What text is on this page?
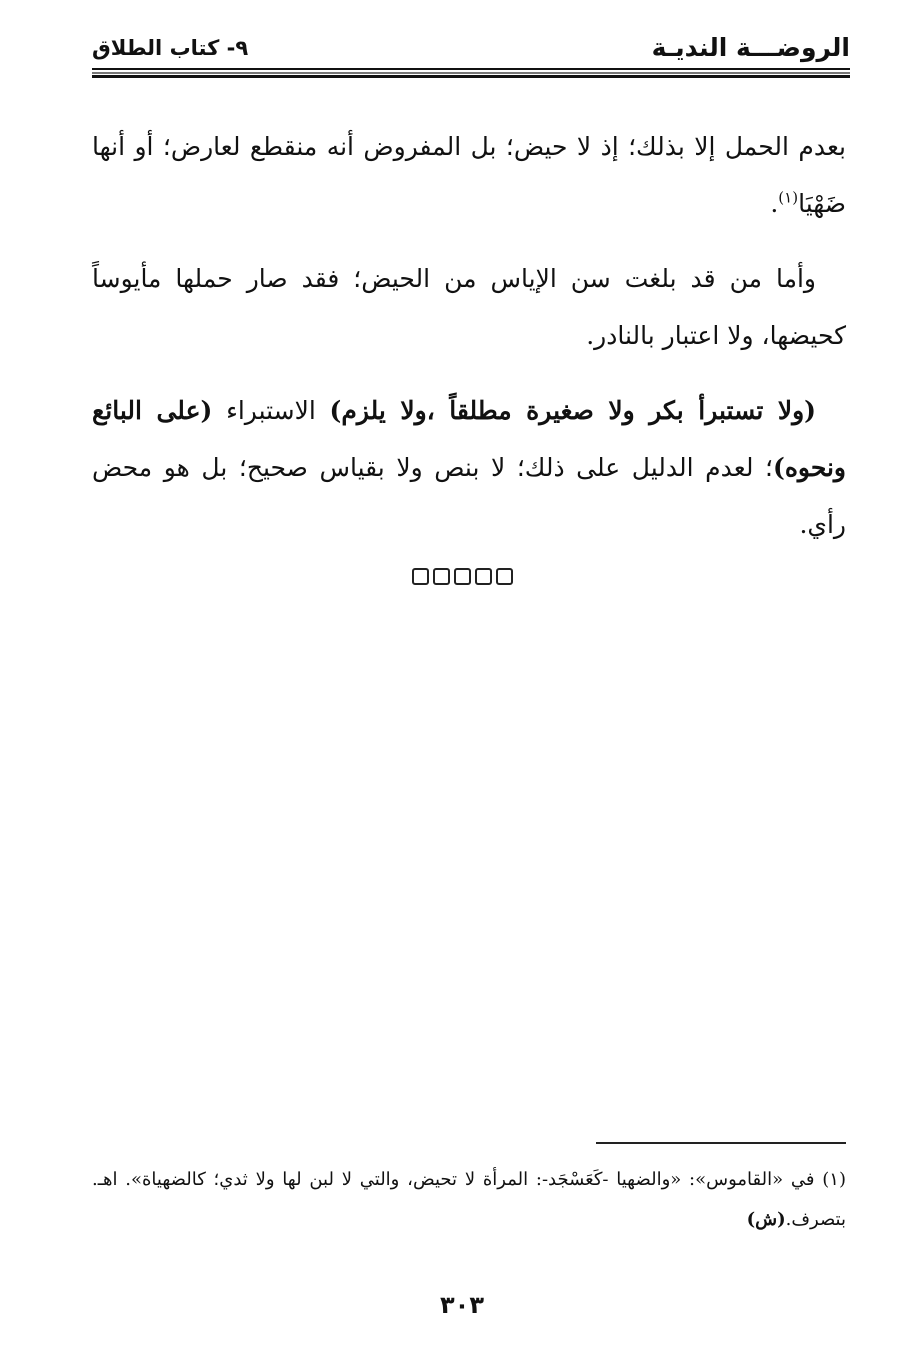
الروضـــة النديـة
٩- كتاب الطلاق

بعدم الحمل إلا بذلك؛ إذ لا حيض؛ بل المفروض أنه منقطع لعارض؛ أو أنها ضَهْيَا$^{(١)}$.

وأما من قد بلغت سن الإياس من الحيض؛ فقد صار حملها مأيوساً كحيضها، ولا اعتبار بالنادر.

(ولا تستبرأ بكر ولا صغيرة مطلقاً ،ولا يلزم) الاستبراء (على البائع ونحوه)؛ لعدم الدليل على ذلك؛ لا بنص ولا بقياس صحيح؛ بل هو محض رأي.

(١) في «القاموس»: «والضهيا -كَعَسْجَد-: المرأة لا تحيض، والتي لا لبن لها ولا ثدي؛ كالضهياة». اهـ. بتصرف.(ش)

٣٠٣
